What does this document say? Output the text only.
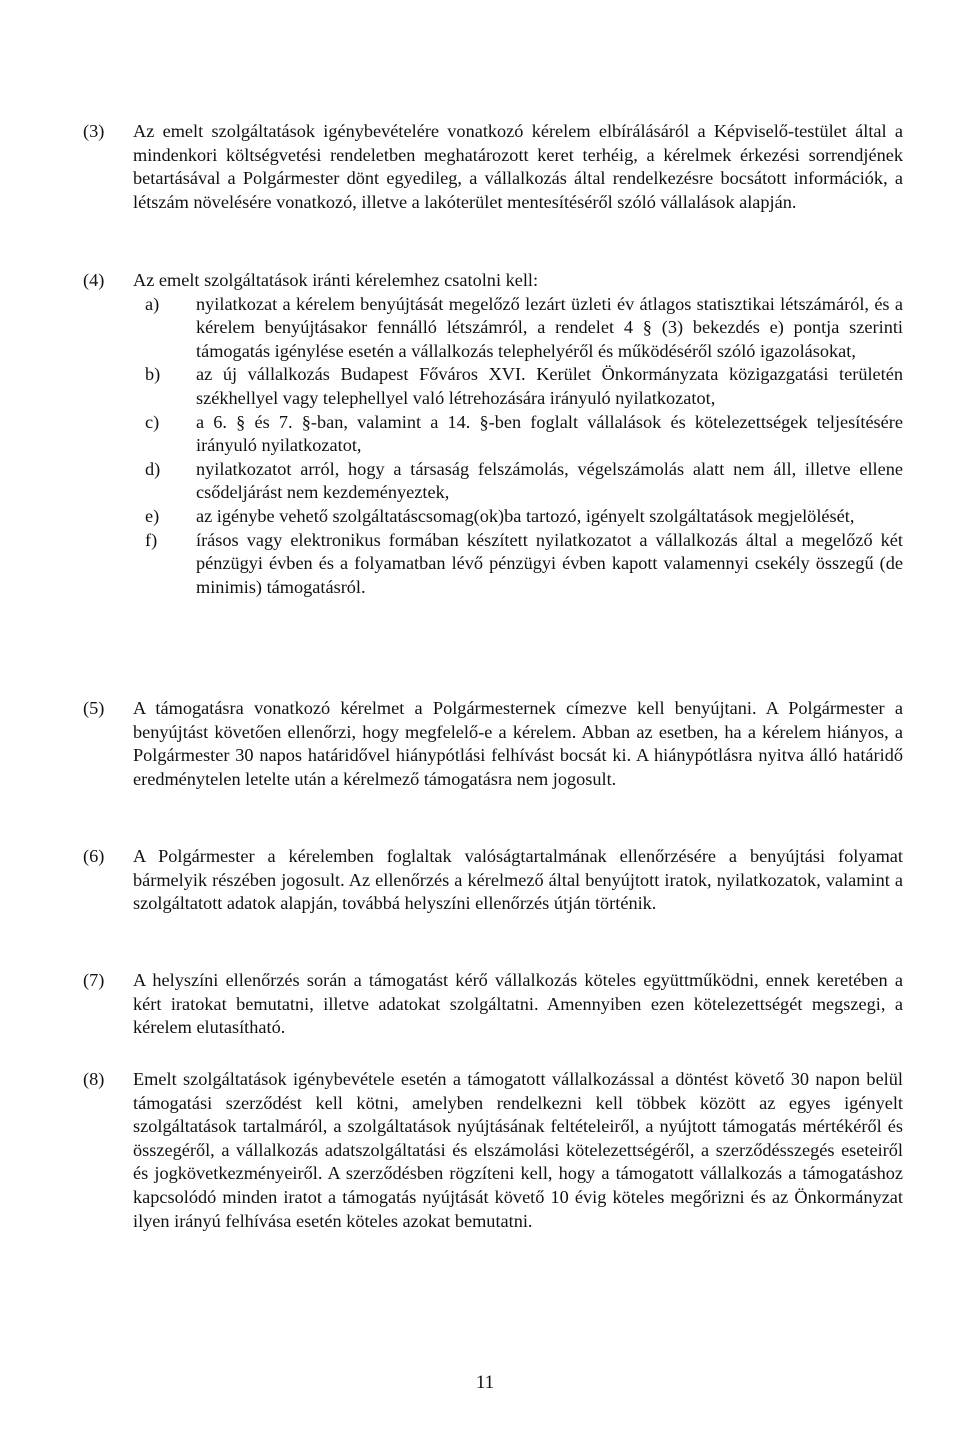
(3)	Az emelt szolgáltatások igénybevételére vonatkozó kérelem elbírálásáról a Képviselő-testület által a mindenkori költségvetési rendeletben meghatározott keret terhéig, a kérelmek érkezési sorrendjének betartásával a Polgármester dönt egyedileg, a vállalkozás által rendelkezésre bocsátott információk, a létszám növelésére vonatkozó, illetve a lakóterület mentesítéséről szóló vállalások alapján.
(4)	Az emelt szolgáltatások iránti kérelemhez csatolni kell:
a) nyilatkozat a kérelem benyújtását megelőző lezárt üzleti év átlagos statisztikai létszámáról, és a kérelem benyújtásakor fennálló létszámról, a rendelet 4 § (3) bekezdés e) pontja szerinti támogatás igénylése esetén a vállalkozás telephelyéről és működéséről szóló igazolásokat,
b) az új vállalkozás Budapest Főváros XVI. Kerület Önkormányzata közigazgatási területén székhellyel vagy telephellyel való létrehozására irányuló nyilatkozatot,
c) a 6. § és 7. §-ban, valamint a 14. §-ben foglalt vállalások és kötelezettségek teljesítésére irányuló nyilatkozatot,
d) nyilatkozatot arról, hogy a társaság felszámolás, végelszámolás alatt nem áll, illetve ellene csődeljárást nem kezdeményeztek,
e) az igénybe vehető szolgáltatáscsomag(ok)ba tartozó, igényelt szolgáltatások megjelölését,
f) írásos vagy elektronikus formában készített nyilatkozatot a vállalkozás által a megelőző két pénzügyi évben és a folyamatban lévő pénzügyi évben kapott valamennyi csekély összegű (de minimis) támogatásról.
(5)	A támogatásra vonatkozó kérelmet a Polgármesternek címezve kell benyújtani. A Polgármester a benyújtást követően ellenőrzi, hogy megfelelő-e a kérelem. Abban az esetben, ha a kérelem hiányos, a Polgármester 30 napos határidővel hiánypótlási felhívást bocsát ki. A hiánypótlásra nyitva álló határidő eredménytelen letelte után a kérelmező támogatásra nem jogosult.
(6)	A Polgármester a kérelemben foglaltak valóságtartalmának ellenőrzésére a benyújtási folyamat bármelyik részében jogosult. Az ellenőrzés a kérelmező által benyújtott iratok, nyilatkozatok, valamint a szolgáltatott adatok alapján, továbbá helyszíni ellenőrzés útján történik.
(7)	A helyszíni ellenőrzés során a támogatást kérő vállalkozás köteles együttműködni, ennek keretében a kért iratokat bemutatni, illetve adatokat szolgáltatni. Amennyiben ezen kötelezettségét megszegi, a kérelem elutasítható.
(8)	Emelt szolgáltatások igénybevétele esetén a támogatott vállalkozással a döntést követő 30 napon belül támogatási szerződést kell kötni, amelyben rendelkezni kell többek között az egyes igényelt szolgáltatások tartalmáról, a szolgáltatások nyújtásának feltételeiről, a nyújtott támogatás mértékéről és összegéről, a vállalkozás adatszolgáltatási és elszámolási kötelezettségéről, a szerződésszegés eseteiről és jogkövetkezményeiről. A szerződésben rögzíteni kell, hogy a támogatott vállalkozás a támogatáshoz kapcsolódó minden iratot a támogatás nyújtását követő 10 évig köteles megőrizni és az Önkormányzat ilyen irányú felhívása esetén köteles azokat bemutatni.
11
